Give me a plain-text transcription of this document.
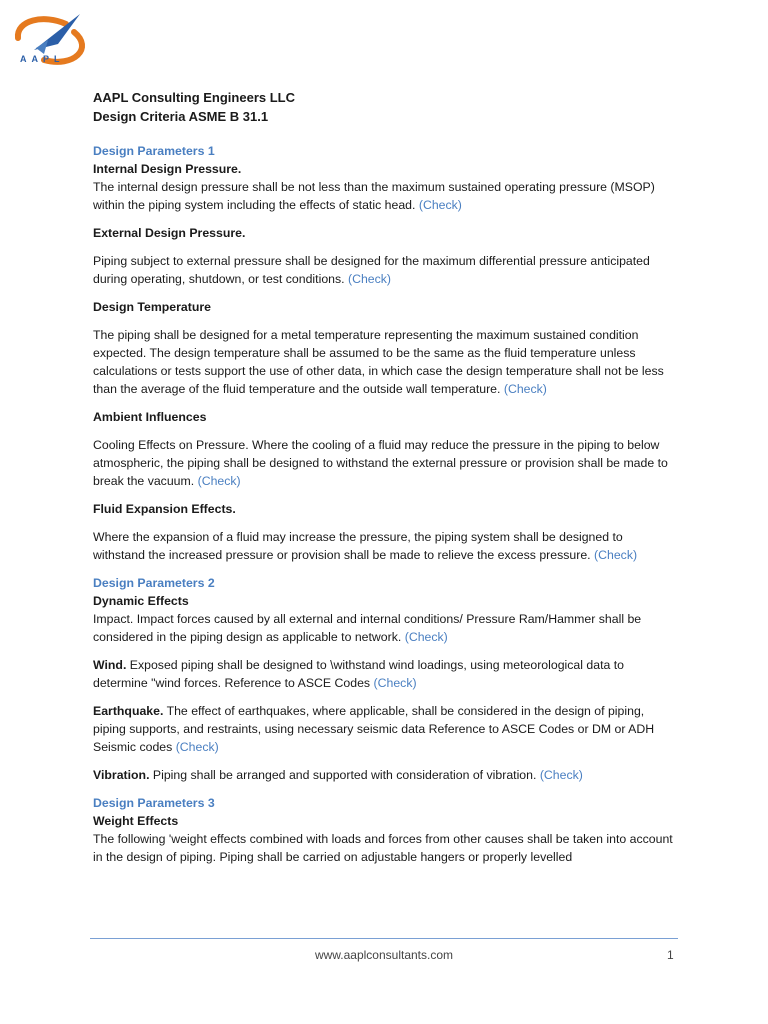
AAPL
AAPL Consulting Engineers LLC
Design Criteria ASME B 31.1
Design Parameters 1
Internal Design Pressure.

The internal design pressure shall be not less than the maximum sustained operating pressure (MSOP) within the piping system including the effects of static head. (Check)

External Design Pressure.

Piping subject to external pressure shall be designed for the maximum differential pressure anticipated during operating, shutdown, or test conditions. (Check)

Design Temperature

The piping shall be designed for a metal temperature representing the maximum sustained condition expected. The design temperature shall be assumed to be the same as the fluid temperature unless calculations or tests support the use of other data, in which case the design temperature shall not be less than the average of the fluid temperature and the outside wall temperature. (Check)

Ambient Influences

Cooling Effects on Pressure. Where the cooling of a fluid may reduce the pressure in the piping to below atmospheric, the piping shall be designed to withstand the external pressure or provision shall be made to break the vacuum. (Check)

Fluid Expansion Effects.

Where the expansion of a fluid may increase the pressure, the piping system shall be designed to withstand the increased pressure or provision shall be made to relieve the excess pressure. (Check)

Design Parameters 2
Dynamic Effects

Impact. Impact forces caused by all external and internal conditions/ Pressure Ram/Hammer shall be considered in the piping design as applicable to network. (Check)

Wind. Exposed piping shall be designed to \withstand wind loadings, using meteorological data to determine "wind forces. Reference to ASCE Codes (Check)

Earthquake. The effect of earthquakes, where applicable, shall be considered in the design of piping, piping supports, and restraints, using necessary seismic data Reference to ASCE Codes or DM or ADH Seismic codes (Check)

Vibration. Piping shall be arranged and supported with consideration of vibration. (Check)

Design Parameters 3
Weight Effects

The following 'weight effects combined with loads and forces from other causes shall be taken into account in the design of piping. Piping shall be carried on adjustable hangers or properly levelled

www.aaplconsultants.com	1
